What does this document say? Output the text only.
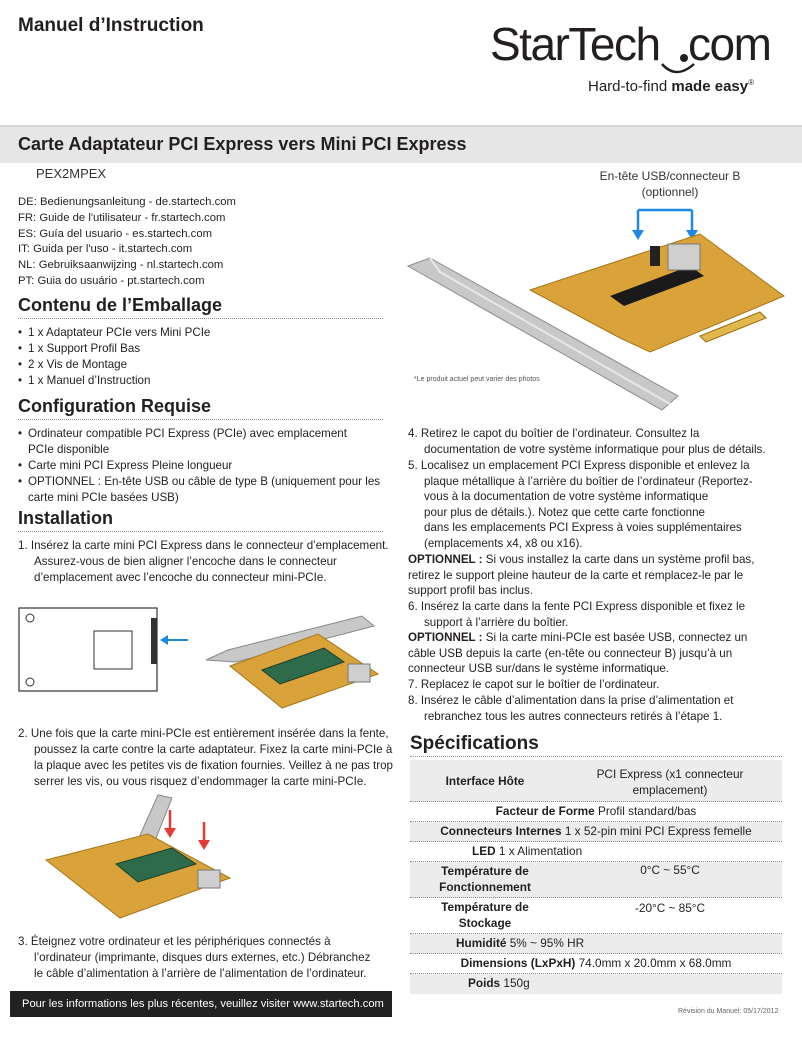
Manuel d’Instruction	StarTech com
Hard-to-find made easy®
Carte Adaptateur PCI Express vers Mini PCI Express
PEX2MPEX
DE: Bedienungsanleitung - de.startech.com
FR: Guide de l'utilisateur - fr.startech.com
ES: Guía del usuario - es.startech.com
IT: Guida per l'uso - it.startech.com
NL: Gebruiksaanwijzing - nl.startech.com
PT: Guia do usuário - pt.startech.com
En-tête USB/connecteur B
(optionnel)
*Le produit actuel peut varier des photos
Contenu de l’Emballage
• 1 x Adaptateur PCIe vers Mini PCIe
• 1 x Support Profil Bas
• 2 x Vis de Montage
• 1 x Manuel d’Instruction
Configuration Requise
• Ordinateur compatible PCI Express (PCIe) avec emplacement
PCIe disponible
• Carte mini PCI Express Pleine longueur
• OPTIONNEL : En-tête USB ou câble de type B (uniquement pour les
carte mini PCIe basées USB)
Installation
1. Insérez la carte mini PCI Express dans le connecteur d’emplacement.
Assurez-vous de bien aligner l’encoche dans le connecteur
d’emplacement avec l’encoche du connecteur mini-PCIe.
2. Une fois que la carte mini-PCIe est entièrement insérée dans la fente,
poussez la carte contre la carte adaptateur. Fixez la carte mini-PCIe à
la plaque avec les petites vis de fixation fournies. Veillez à ne pas trop
serrer les vis, ou vous risquez d’endommager la carte mini-PCIe.
3. Éteignez votre ordinateur et les périphériques connectés à
l’ordinateur (imprimante, disques durs externes, etc.) Débranchez
le câble d’alimentation à l’arrière de l’alimentation de l’ordinateur.
4. Retirez le capot du boîtier de l’ordinateur. Consultez la
documentation de votre système informatique pour plus de détails.
5. Localisez un emplacement PCI Express disponible et enlevez la
plaque métallique à l’arrière du boîtier de l’ordinateur (Reportez-
vous à la documentation de votre système informatique
pour plus de détails.). Notez que cette carte fonctionne
dans les emplacements PCI Express à voies supplémentaires
(emplacements x4, x8 ou x16).
OPTIONNEL : Si vous installez la carte dans un système profil bas,
retirez le support pleine hauteur de la carte et remplacez-le par le
support profil bas inclus.
6. Insérez la carte dans la fente PCI Express disponible et fixez le
support à l’arrière du boîtier.
OPTIONNEL : Si la carte mini-PCIe est basée USB, connectez un
câble USB depuis la carte (en-tête ou connecteur B) jusqu’à un
connecteur USB sur/dans le système informatique.
7. Replacez le capot sur le boîtier de l’ordinateur.
8. Insérez le câble d’alimentation dans la prise d’alimentation et
rebranchez tous les autres connecteurs retirés à l’étape 1.
Spécifications
Interface Hôte	PCI Express (x1 connecteur
emplacement)
Facteur de Forme Profil standard/bas
Connecteurs Internes 1 x 52-pin mini PCI Express femelle
LED 1 x Alimentation
Température de
Fonctionnement
0°C ~ 55°C
Température de
Stockage
-20°C ~ 85°C
Humidité 5% ~ 95% HR
Dimensions (LxPxH) 74.0mm x 20.0mm x 68.0mm
Poids 150g
Pour les informations les plus récentes, veuillez visiter www.startech.com
Révision du Manuel: 05/17/2012
